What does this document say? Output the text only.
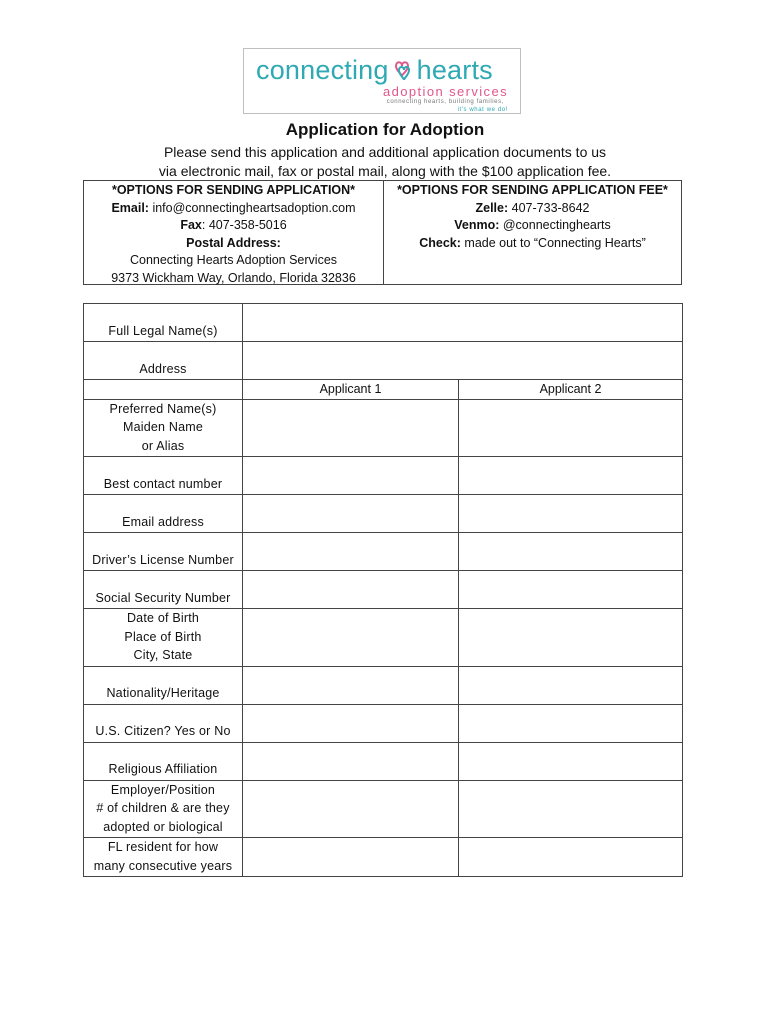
connecting hearts
adoption services
connecting hearts, building families,
it's what we do!
Application for Adoption
Please send this application and additional application documents to us
via electronic mail, fax or postal mail, along with the $100 application fee.
*OPTIONS FOR SENDING APPLICATION*
Email: info@connectingheartsadoption.com
Fax: 407-358-5016
Postal Address:
Connecting Hearts Adoption Services
9373 Wickham Way, Orlando, Florida 32836
*OPTIONS FOR SENDING APPLICATION FEE*
Zelle: 407-733-8642
Venmo: @connectinghearts
Check: made out to “Connecting Hearts”
Full Legal Name(s)		
Address		
	Applicant 1	Applicant 2

Preferred Name(s)
Maiden Name
or Alias		

Best contact number		

Email address		

Driver’s License Number		

Social Security Number		

Date of Birth
Place of Birth
City, State		

Nationality/Heritage		

U.S. Citizen? Yes or No		

Religious Affiliation		

Employer/Position
# of children & are they
adopted or biological		

FL resident for how
many consecutive years		
